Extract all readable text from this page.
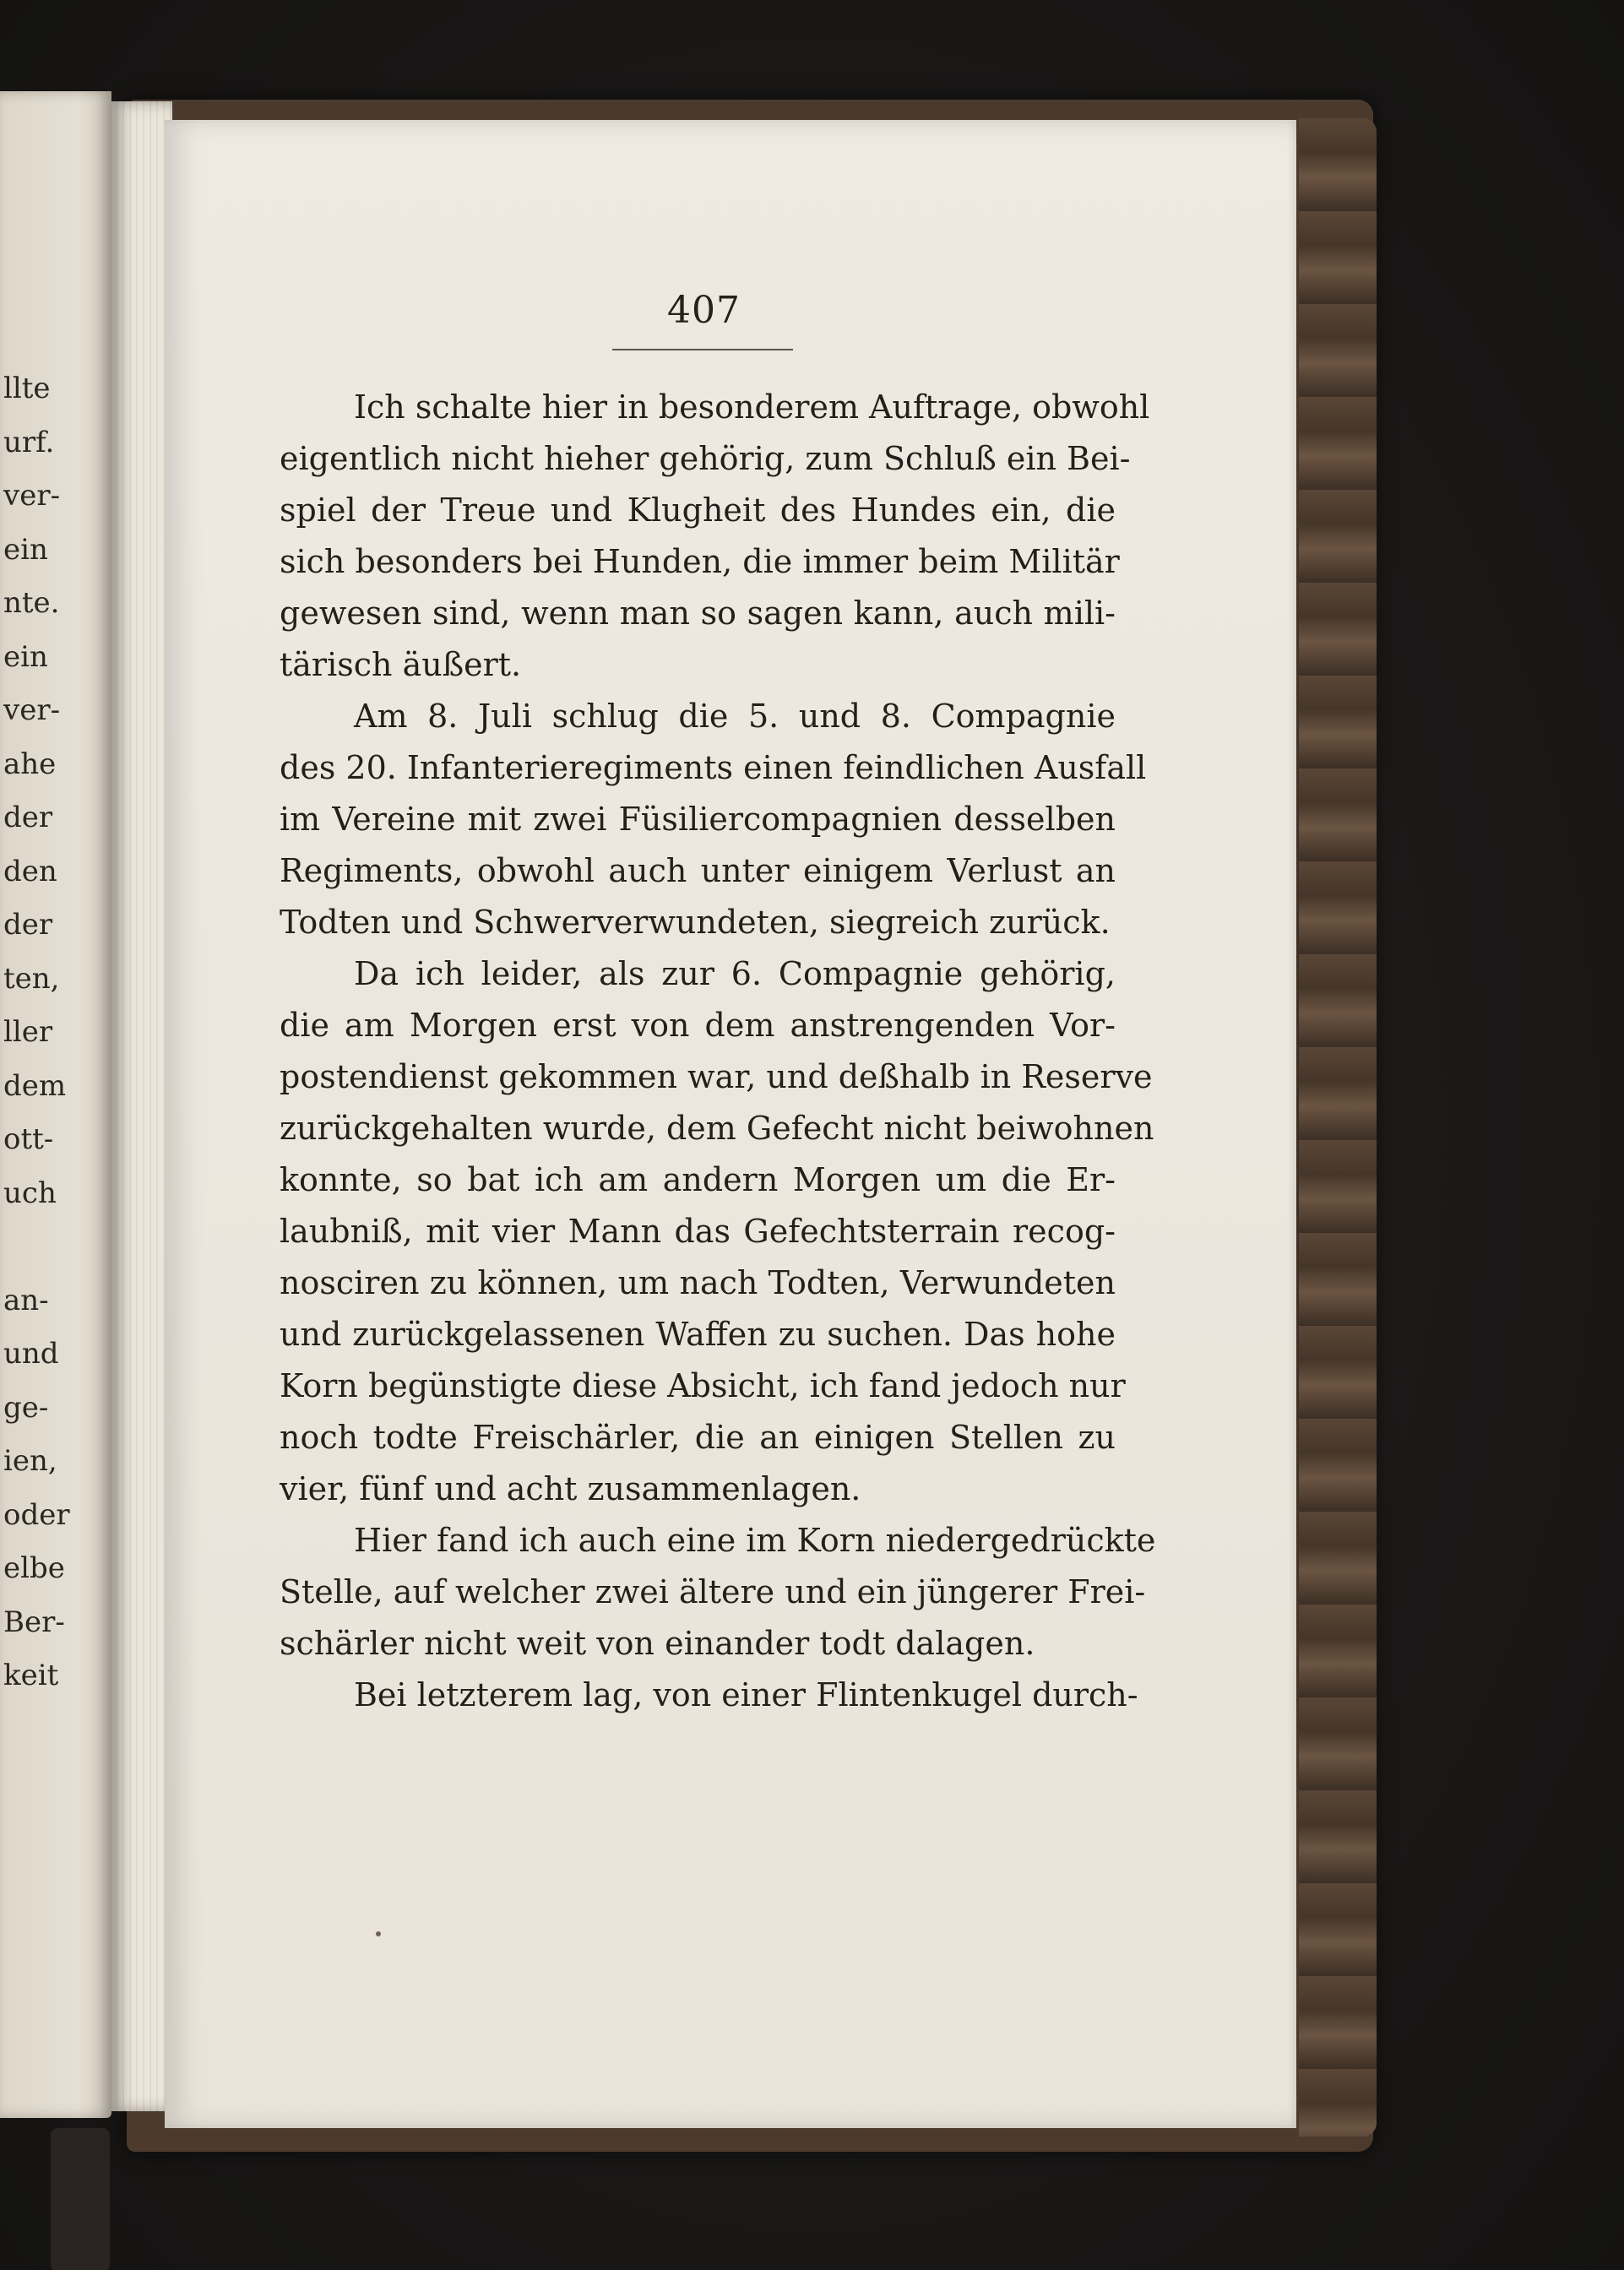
llte
urf.
ver-
ein
nte.
ein
ver-
ahe
der
den
der
ten,
ller
dem
ott-
uch
an-
und
ge-
ien,
oder
elbe
Ber-
keit
407
Ich schalte hier in besonderem Auftrage, obwohl
eigentlich nicht hieher gehörig, zum Schluß ein Bei-
spiel der Treue und Klugheit des Hundes ein, die
sich besonders bei Hunden, die immer beim Militär
gewesen sind, wenn man so sagen kann, auch mili-
tärisch äußert.
Am 8. Juli schlug die 5. und 8. Compagnie
des 20. Infanterieregiments einen feindlichen Ausfall
im Vereine mit zwei Füsiliercompagnien desselben
Regiments, obwohl auch unter einigem Verlust an
Todten und Schwerverwundeten, siegreich zurück.
Da ich leider, als zur 6. Compagnie gehörig,
die am Morgen erst von dem anstrengenden Vor-
postendienst gekommen war, und deßhalb in Reserve
zurückgehalten wurde, dem Gefecht nicht beiwohnen
konnte, so bat ich am andern Morgen um die Er-
laubniß, mit vier Mann das Gefechtsterrain recog-
nosciren zu können, um nach Todten, Verwundeten
und zurückgelassenen Waffen zu suchen. Das hohe
Korn begünstigte diese Absicht, ich fand jedoch nur
noch todte Freischärler, die an einigen Stellen zu
vier, fünf und acht zusammenlagen.
Hier fand ich auch eine im Korn niedergedrückte
Stelle, auf welcher zwei ältere und ein jüngerer Frei-
schärler nicht weit von einander todt dalagen.
Bei letzterem lag, von einer Flintenkugel durch-
